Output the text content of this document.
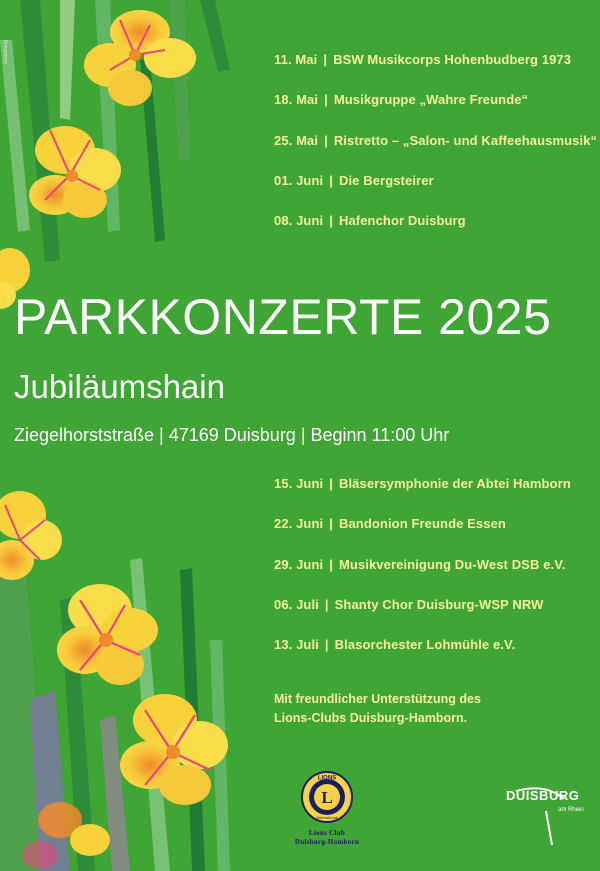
Gestaltung	11. Mai | BSW Musikcorps Hohenbudberg 1973
18. Mai | Musikgruppe „Wahre Freunde“
25. Mai | Ristretto – „Salon- und Kaffeehausmusik“
01. Juni | Die Bergsteirer
08. Juni | Hafenchor Duisburg
PARKKONZERTE 2025
Jubiläumshain
Ziegelhorststraße | 47169 Duisburg | Beginn 11:00 Uhr
15. Juni | Bläsersymphonie der Abtei Hamborn
22. Juni | Bandonion Freunde Essen
29. Juni | Musikvereinigung Du-West DSB e.V.
06. Juli | Shanty Chor Duisburg-WSP NRW
13. Juli | Blasorchester Lohmühle e.V.
Mit freundlicher Unterstützung des
Lions-Clubs Duisburg-Hamborn.
LIONS
L
International
Lions Club
Duisburg-Hamborn
DUISBURG
am Rhein
